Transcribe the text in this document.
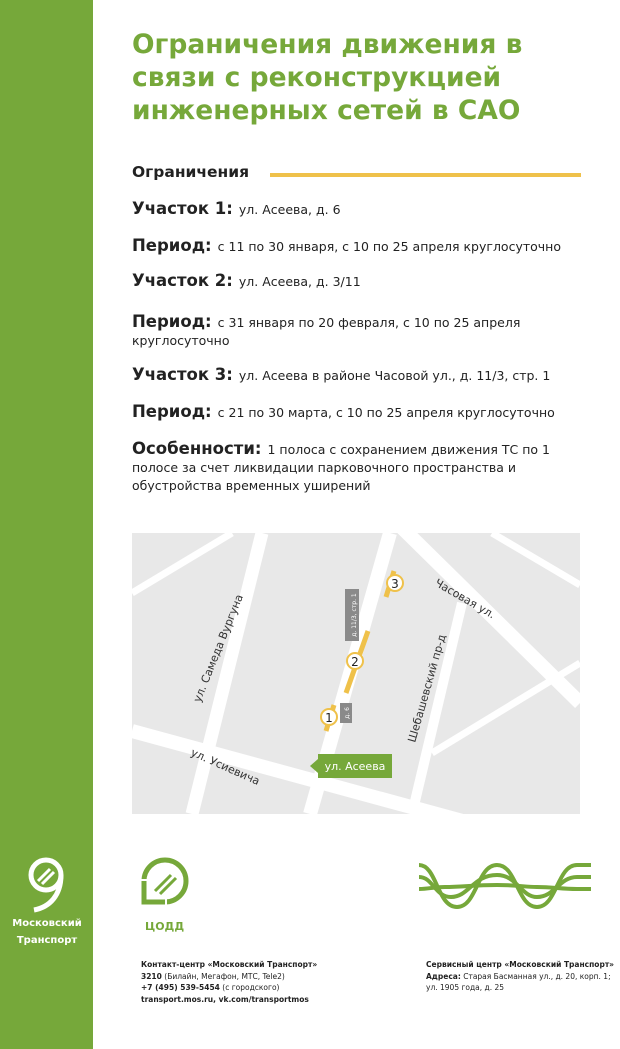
Московский
Транспорт
Ограничения движения в связи с реконструкцией инженерных сетей в САО
Ограничения
Участок 1: ул. Асеева, д. 6
Период: с 11 по 30 января, с 10 по 25 апреля круглосуточно
Участок 2: ул. Асеева, д. 3/11
Период: с 31 января по 20 февраля, с 10 по 25 апреля круглосуточно
Участок 3: ул. Асеева в районе Часовой ул., д. 11/3, стр. 1
Период: с 21 по 30 марта, с 10 по 25 апреля круглосуточно
Особенности: 1 полоса с сохранением движения ТС по 1 полосе за счет ликвидации парковочного пространства и обустройства временных уширений
д. 11/3, стр. 1
д. 6
3
2
1
ул. Самеда Вургуна
ул. Усиевича
Часовая ул.
Шебашевский пр-д
ул. Асеева
ЦОДД
Контакт-центр «Московский Транспорт»
3210 (Билайн, Мегафон, МТС, Tele2)
+7 (495) 539-5454 (с городского)
transport.mos.ru, vk.com/transportmos
Сервисный центр «Московский Транспорт»
Адреса: Старая Басманная ул., д. 20, корп. 1;
ул. 1905 года, д. 25
